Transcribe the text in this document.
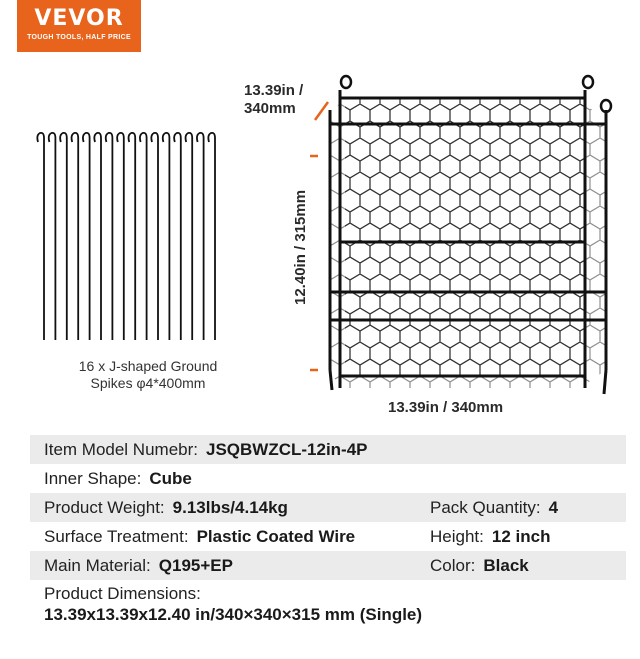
VEVOR
TOUGH TOOLS, HALF PRICE
16 x J-shaped Ground
Spikes φ4*400mm
13.39in /
340mm
12.40in / 315mm
13.39in / 340mm
Item Model Numebr: JSQBWZCL-12in-4P
Inner Shape: Cube
Product Weight: 9.13lbs/4.14kg	Pack Quantity: 4
Surface Treatment: Plastic Coated Wire	Height: 12 inch
Main Material: Q195+EP	Color: Black
Product Dimensions:
13.39x13.39x12.40 in/340×340×315 mm (Single)
